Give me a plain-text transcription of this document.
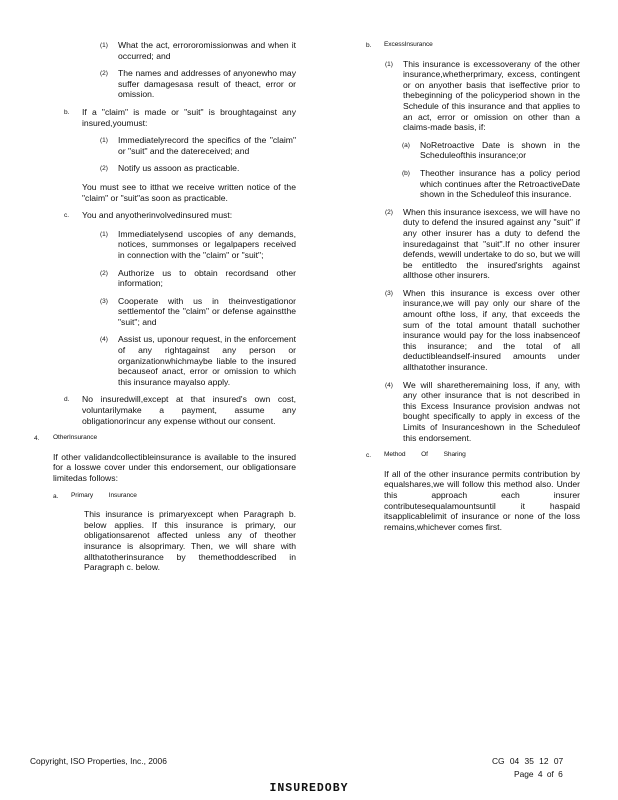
(1)	What the act, errororomissionwas and when it occurred; and
(2)	The names and addresses of anyonewho may suffer damagesasa result of theact, error or omission.
b.	If a "claim" is made or "suit" is broughtagainst any insured,youmust:
(1)	Immediatelyrecord the specifics of the "claim" or "suit" and the datereceived; and
(2)	Notify us assoon as practicable.
You must see to itthat we receive written notice of the "claim" or "suit"as soon as practicable.
c.	You and anyotherinvolvedinsured must:
(1)	Immediatelysend uscopies of any demands, notices, summonses or legalpapers received in connection with the "claim" or "suit";
(2)	Authorize us to obtain recordsand other information;
(3)	Cooperate with us in theinvestigationor settlementof the "claim" or defense againstthe "suit"; and
(4)	Assist us, uponour request, in the enforcement of any rightagainst any person or organizationwhichmaybe liable to the insured becauseof anact, error or omission to which this insurance mayalso apply.
d.	No insuredwill,except at that insured's own cost, voluntarilymake a payment, assume any obligationorincur any expense without our consent.
4.	OtherInsurance
If other validandcollectibleinsurance is available to the insured for a losswe cover under this endorsement, our obligationsare limitedas follows:
a.	Primary Insurance
This insurance is primaryexcept when Paragraph b. below applies. If this insurance is primary, our obligationsarenot affected unless any of theother insurance is alsoprimary. Then, we will share with allthatotherinsurance by themethoddescribed in Paragraph c. below.
b.	ExcessInsurance
(1)	This insurance is excessoverany of the other insurance,whetherprimary, excess, contingent or on anyother basis that iseffective prior to thebeginning of the policyperiod shown in the Schedule of this insurance and that applies to an act, error or omission on other than a claims-made basis, if:
(a)	NoRetroactive Date is shown in the Scheduleofthis insurance;or
(b)	Theother insurance has a policy period which continues after the RetroactiveDate shown in the Scheduleof this insurance.
(2)	When this insurance isexcess, we will have no duty to defend the insured against any "suit" if any other insurer has a duty to defend the insuredagainst that "suit".If no other insurer defends, wewill undertake to do so, but we will be entitledto the insured'srights against allthose other insurers.
(3)	When this insurance is excess over other insurance,we will pay only our share of the amount ofthe loss, if any, that exceeds the sum of the total amount thatall suchother insurance would pay for the loss inabsenceof this insurance; and the total of all deductibleandself-insured amounts under allthatother insurance.
(4)	We will sharetheremaining loss, if any, with any other insurance that is not described in this Excess Insurance provision andwas not bought specifically to apply in excess of the Limits of Insuranceshown in the Scheduleof this endorsement.
c.	Method Of Sharing
If all of the other insurance permits contribution by equalshares,we will follow this method also. Under this approach each insurer contributesequalamountsuntil it haspaid itsapplicablelimit of insurance or none of the loss remains,whichever comes first.
Copyright, ISO Properties, Inc., 2006	CG 04 35 12 07
Page 4 of 6
INSUREDOBY
